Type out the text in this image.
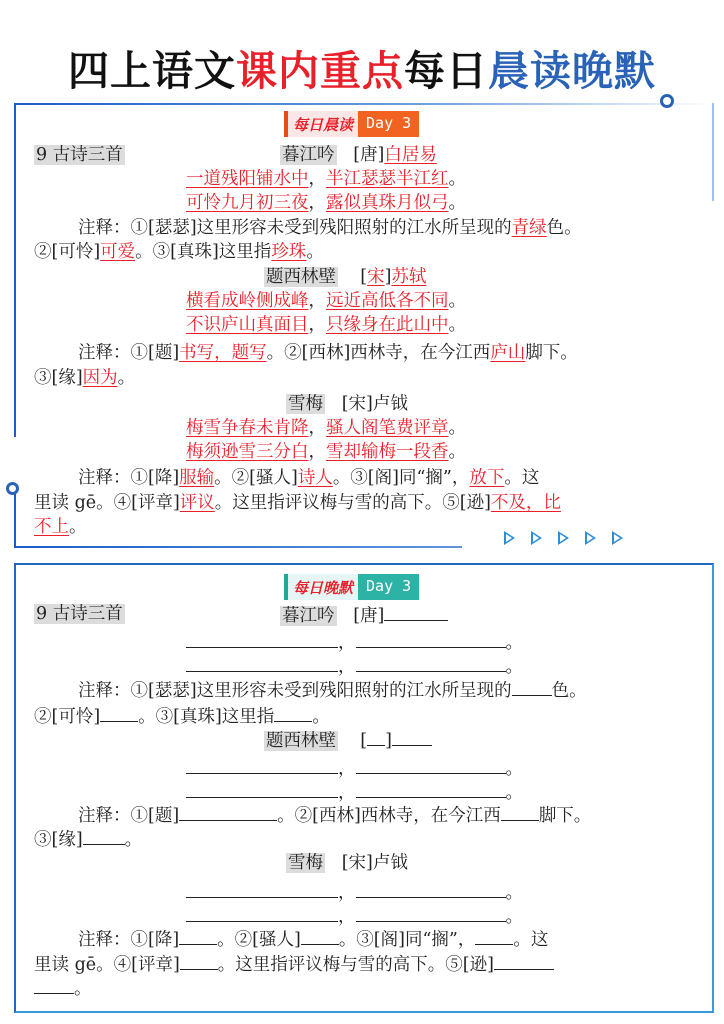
四上语文课内重点每日晨读晚默
每日晨读 Day 3
9 古诗三首	暮江吟 [唐]白居易
一道残阳铺水中，半江瑟瑟半江红。
可怜九月初三夜，露似真珠月似弓。
注释：①[瑟瑟]这里形容未受到残阳照射的江水所呈现的青绿色。
②[可怜]可爱。③[真珠]这里指珍珠。
题西林壁 [宋]苏轼
横看成岭侧成峰，远近高低各不同。
不识庐山真面目，只缘身在此山中。
注释：①[题]书写，题写。②[西林]西林寺，在今江西庐山脚下。
③[缘]因为。
雪梅 [宋]卢钺
梅雪争春未肯降，骚人阁笔费评章。
梅须逊雪三分白，雪却输梅一段香。
注释：①[降]服输。②[骚人]诗人。③[阁]同“搁”，放下。这
里读 gē。④[评章]评议。这里指评议梅与雪的高下。⑤[逊]不及，比
不上。
每日晚默 Day 3
9 古诗三首	暮江吟 [唐]
，	。
，	。
注释：①[瑟瑟]这里形容未受到残阳照射的江水所呈现的 色。
②[可怜] 。③[真珠]这里指 。
题西林壁 [ ]
，	。
，	。
注释：①[题]	。②[西林]西林寺，在今江西 脚下。
③[缘] 。
雪梅 [宋]卢钺
，	。
，	。
注释：①[降] 。②[骚人] 。③[阁]同“搁”， 。这
里读 gē。④[评章] 。这里指评议梅与雪的高下。⑤[逊]
。
